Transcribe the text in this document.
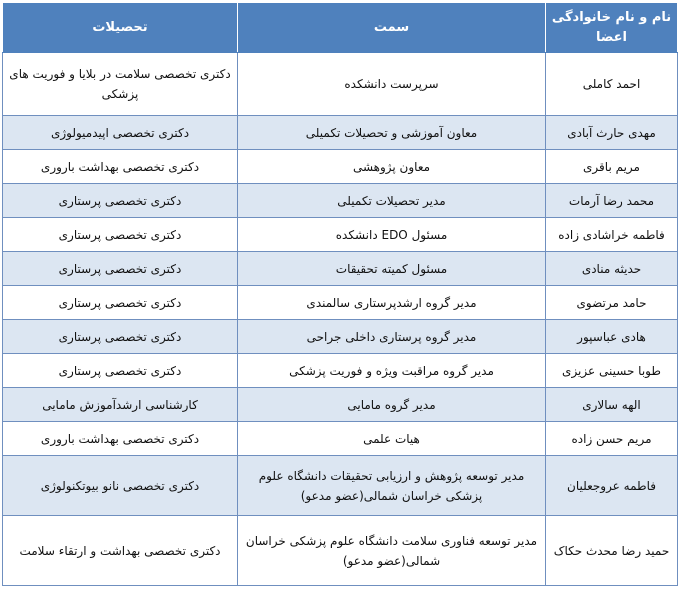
نام و نام خانوادگی اعضا	سمت	تحصیلات
احمد کاملی	سرپرست دانشکده	دکتری تخصصی سلامت در بلایا و فوریت های پزشکی
مهدی حارث آبادی	معاون آموزشی و تحصیلات تکمیلی	دکتری تخصصی اپیدمیولوژی
مریم باقری	معاون پژوهشی	دکتری تخصصی بهداشت باروری
محمد رضا آرمات	مدیر تحصیلات تکمیلی	دکتری تخصصی پرستاری
فاطمه خراشادی زاده	مسئول EDO دانشکده	دکتری تخصصی پرستاری
حدیثه منادی	مسئول کمیته تحقیقات	دکتری تخصصی پرستاری
حامد مرتضوی	مدیر گروه ارشدپرستاری سالمندی	دکتری تخصصی پرستاری
هادی عباسپور	مدیر گروه پرستاری داخلی جراحی	دکتری تخصصی پرستاری
طوبا حسینی عزیزی	مدیر گروه مراقبت ویژه و فوریت پزشکی	دکتری تخصصی پرستاری
الهه سالاری	مدیر گروه مامایی	کارشناسی ارشدآموزش مامایی
مریم حسن زاده	هیات علمی	دکتری تخصصی بهداشت باروری
فاطمه عروجعلیان	مدیر توسعه پژوهش و ارزیابی تحقیقات دانشگاه علوم پزشکی خراسان شمالی(عضو مدعو)	دکتری تخصصی نانو بیوتکنولوژی
حمید رضا محدث حکاک	مدیر توسعه فناوری سلامت دانشگاه علوم پزشکی خراسان شمالی(عضو مدعو)	دکتری تخصصی بهداشت و ارتقاء سلامت
